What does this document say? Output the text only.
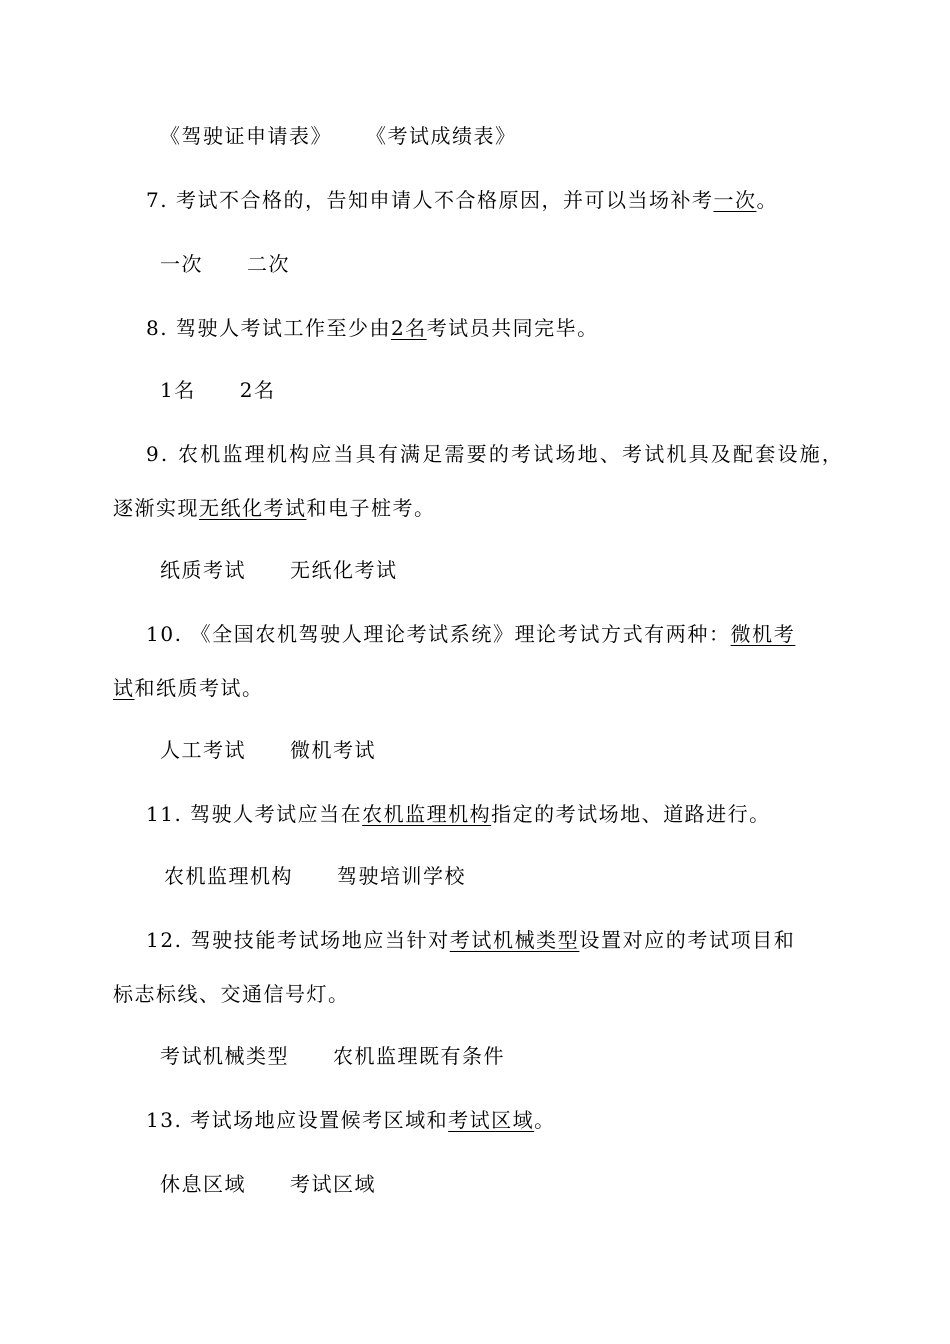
《驾驶证申请表》 《考试成绩表》
7. 考试不合格的，告知申请人不合格原因，并可以当场补考一次。
一次 二次
8. 驾驶人考试工作至少由2名考试员共同完毕。
1名 2名
9. 农机监理机构应当具有满足需要的考试场地、考试机具及配套设施，
逐渐实现无纸化考试和电子桩考。
纸质考试 无纸化考试
10. 《全国农机驾驶人理论考试系统》理论考试方式有两种：微机考
试和纸质考试。
人工考试 微机考试
11. 驾驶人考试应当在农机监理机构指定的考试场地、道路进行。
农机监理机构 驾驶培训学校
12. 驾驶技能考试场地应当针对考试机械类型设置对应的考试项目和
标志标线、交通信号灯。
考试机械类型 农机监理既有条件
13. 考试场地应设置候考区域和考试区域。
休息区域 考试区域
